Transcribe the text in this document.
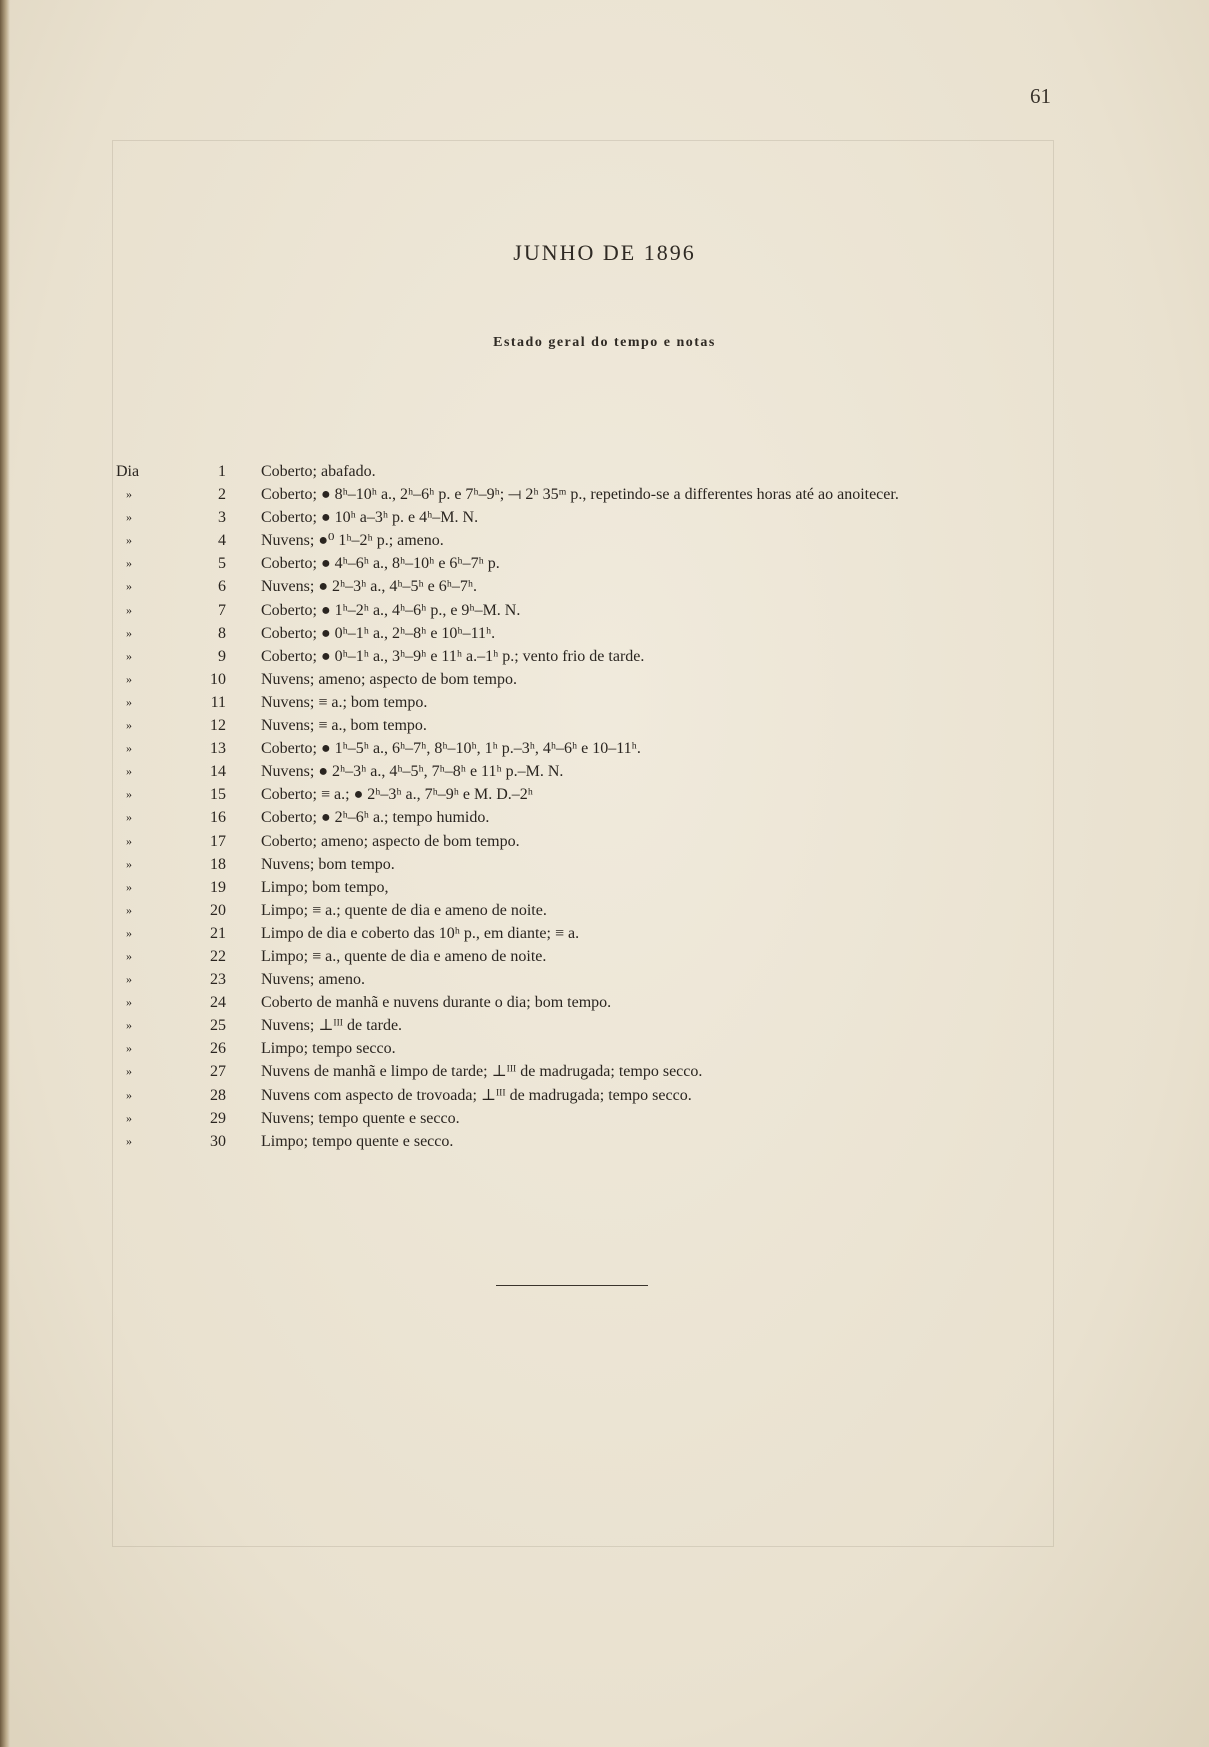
61
JUNHO DE 1896
Estado geral do tempo e notas
Dia	1 Coberto; abafado.
»	2 Coberto; ● 8ʰ–10ʰ a., 2ʰ–6ʰ p. e 7ʰ–9ʰ; ⟞ 2ʰ 35ᵐ p., repetindo-se a differentes horas até ao anoitecer.
»	3 Coberto; ● 10ʰ a–3ʰ p. e 4ʰ–M. N.
»	4 Nuvens; ●⁰ 1ʰ–2ʰ p.; ameno.
»	5 Coberto; ● 4ʰ–6ʰ a., 8ʰ–10ʰ e 6ʰ–7ʰ p.
»	6 Nuvens; ● 2ʰ–3ʰ a., 4ʰ–5ʰ e 6ʰ–7ʰ.
»	7 Coberto; ● 1ʰ–2ʰ a., 4ʰ–6ʰ p., e 9ʰ–M. N.
»	8 Coberto; ● 0ʰ–1ʰ a., 2ʰ–8ʰ e 10ʰ–11ʰ.
»	9 Coberto; ● 0ʰ–1ʰ a., 3ʰ–9ʰ e 11ʰ a.–1ʰ p.; vento frio de tarde.
»	10 Nuvens; ameno; aspecto de bom tempo.
»	11 Nuvens; ≡ a.; bom tempo.
»	12 Nuvens; ≡ a., bom tempo.
»	13 Coberto; ● 1ʰ–5ʰ a., 6ʰ–7ʰ, 8ʰ–10ʰ, 1ʰ p.–3ʰ, 4ʰ–6ʰ e 10–11ʰ.
»	14 Nuvens; ● 2ʰ–3ʰ a., 4ʰ–5ʰ, 7ʰ–8ʰ e 11ʰ p.–M. N.
»	15 Coberto; ≡ a.; ● 2ʰ–3ʰ a., 7ʰ–9ʰ e M. D.–2ʰ
»	16 Coberto; ● 2ʰ–6ʰ a.; tempo humido.
»	17 Coberto; ameno; aspecto de bom tempo.
»	18 Nuvens; bom tempo.
»	19 Limpo; bom tempo,
»	20 Limpo; ≡ a.; quente de dia e ameno de noite.
»	21 Limpo de dia e coberto das 10ʰ p., em diante; ≡ a.
»	22 Limpo; ≡ a., quente de dia e ameno de noite.
»	23 Nuvens; ameno.
»	24 Coberto de manhã e nuvens durante o dia; bom tempo.
»	25 Nuvens; ⊥ᴵᴵᴵ de tarde.
»	26 Limpo; tempo secco.
»	27 Nuvens de manhã e limpo de tarde; ⊥ᴵᴵᴵ de madrugada; tempo secco.
»	28 Nuvens com aspecto de trovoada; ⊥ᴵᴵᴵ de madrugada; tempo secco.
»	29 Nuvens; tempo quente e secco.
»	30 Limpo; tempo quente e secco.
